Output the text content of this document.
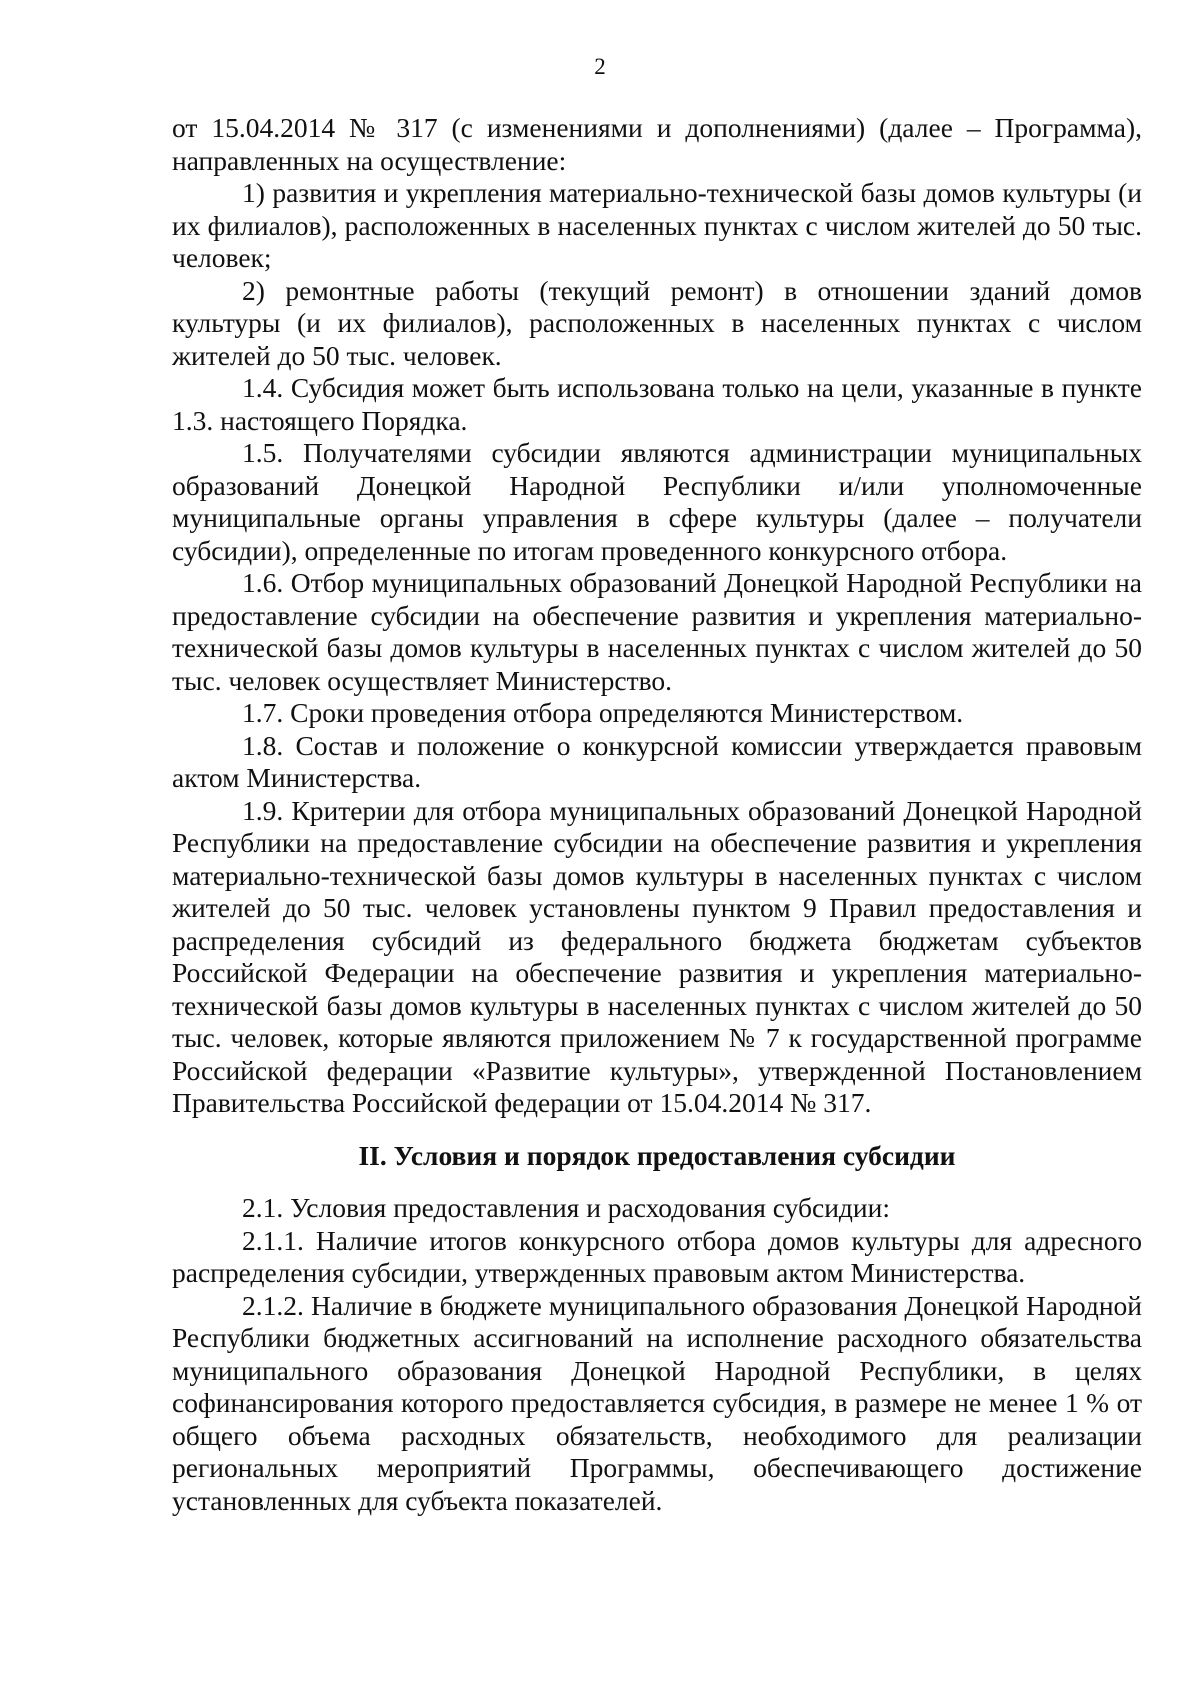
2

от 15.04.2014 № 317 (с изменениями и дополнениями) (далее – Программа), направленных на осуществление:

1) развития и укрепления материально-технической базы домов культуры (и их филиалов), расположенных в населенных пунктах с числом жителей до 50 тыс. человек;

2) ремонтные работы (текущий ремонт) в отношении зданий домов культуры (и их филиалов), расположенных в населенных пунктах с числом жителей до 50 тыс. человек.

1.4. Субсидия может быть использована только на цели, указанные в пункте 1.3. настоящего Порядка.

1.5. Получателями субсидии являются администрации муниципальных образований Донецкой Народной Республики и/или уполномоченные муниципальные органы управления в сфере культуры (далее – получатели субсидии), определенные по итогам проведенного конкурсного отбора.

1.6. Отбор муниципальных образований Донецкой Народной Республики на предоставление субсидии на обеспечение развития и укрепления материально-технической базы домов культуры в населенных пунктах с числом жителей до 50 тыс. человек осуществляет Министерство.

1.7. Сроки проведения отбора определяются Министерством.

1.8. Состав и положение о конкурсной комиссии утверждается правовым актом Министерства.

1.9. Критерии для отбора муниципальных образований Донецкой Народной Республики на предоставление субсидии на обеспечение развития и укрепления материально-технической базы домов культуры в населенных пунктах с числом жителей до 50 тыс. человек установлены пунктом 9 Правил предоставления и распределения субсидий из федерального бюджета бюджетам субъектов Российской Федерации на обеспечение развития и укрепления материально-технической базы домов культуры в населенных пунктах с числом жителей до 50 тыс. человек, которые являются приложением № 7 к государственной программе Российской федерации «Развитие культуры», утвержденной Постановлением Правительства Российской федерации от 15.04.2014 № 317.

II. Условия и порядок предоставления субсидии

2.1. Условия предоставления и расходования субсидии:

2.1.1. Наличие итогов конкурсного отбора домов культуры для адресного распределения субсидии, утвержденных правовым актом Министерства.

2.1.2. Наличие в бюджете муниципального образования Донецкой Народной Республики бюджетных ассигнований на исполнение расходного обязательства муниципального образования Донецкой Народной Республики, в целях софинансирования которого предоставляется субсидия, в размере не менее 1 % от общего объема расходных обязательств, необходимого для реализации региональных мероприятий Программы, обеспечивающего достижение установленных для субъекта показателей.
